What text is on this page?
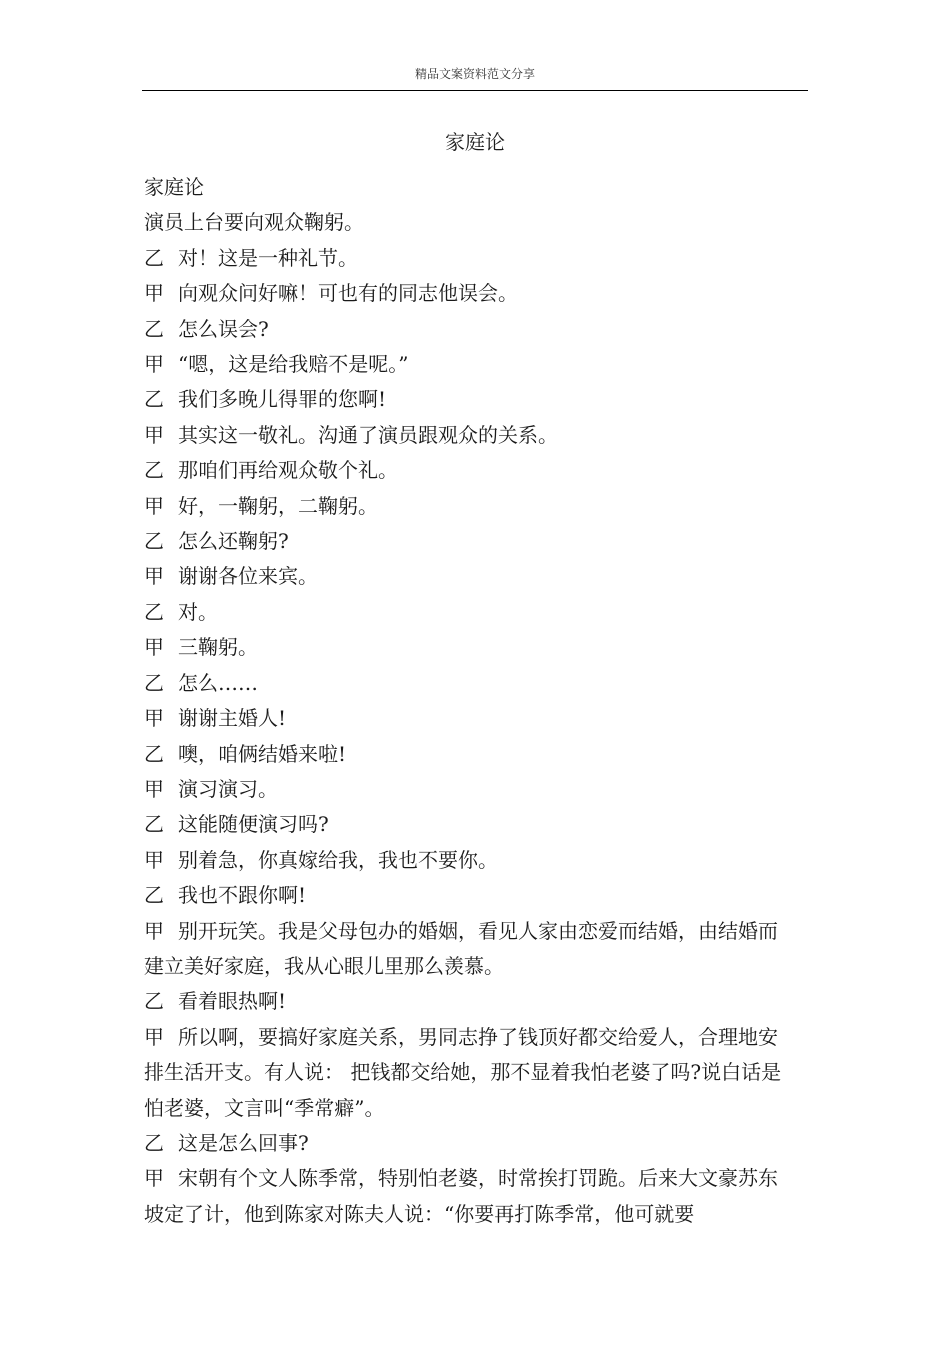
精品文案资料范文分享
家庭论

家庭论

演员上台要向观众鞠躬。

乙 对！这是一种礼节。

甲 向观众问好嘛！可也有的同志他误会。

乙 怎么误会?

甲 “嗯，这是给我赔不是呢。”

乙 我们多晚儿得罪的您啊!

甲 其实这一敬礼。沟通了演员跟观众的关系。

乙 那咱们再给观众敬个礼。

甲 好，一鞠躬，二鞠躬。

乙 怎么还鞠躬?

甲 谢谢各位来宾。

乙 对。

甲 三鞠躬。

乙 怎么……

甲 谢谢主婚人!

乙 噢，咱俩结婚来啦!

甲 演习演习。

乙 这能随便演习吗?

甲 别着急，你真嫁给我，我也不要你。

乙 我也不跟你啊!

甲 别开玩笑。我是父母包办的婚姻，看见人家由恋爱而结婚，由结婚而建立美好家庭，我从心眼儿里那么羡慕。

乙 看着眼热啊!

甲 所以啊，要搞好家庭关系，男同志挣了钱顶好都交给爱人，合理地安排生活开支。有人说： 把钱都交给她，那不显着我怕老婆了吗?说白话是怕老婆，文言叫“季常癖”。

乙 这是怎么回事?

甲 宋朝有个文人陈季常，特别怕老婆，时常挨打罚跪。后来大文豪苏东坡定了计，他到陈家对陈夫人说：“你要再打陈季常，他可就要
